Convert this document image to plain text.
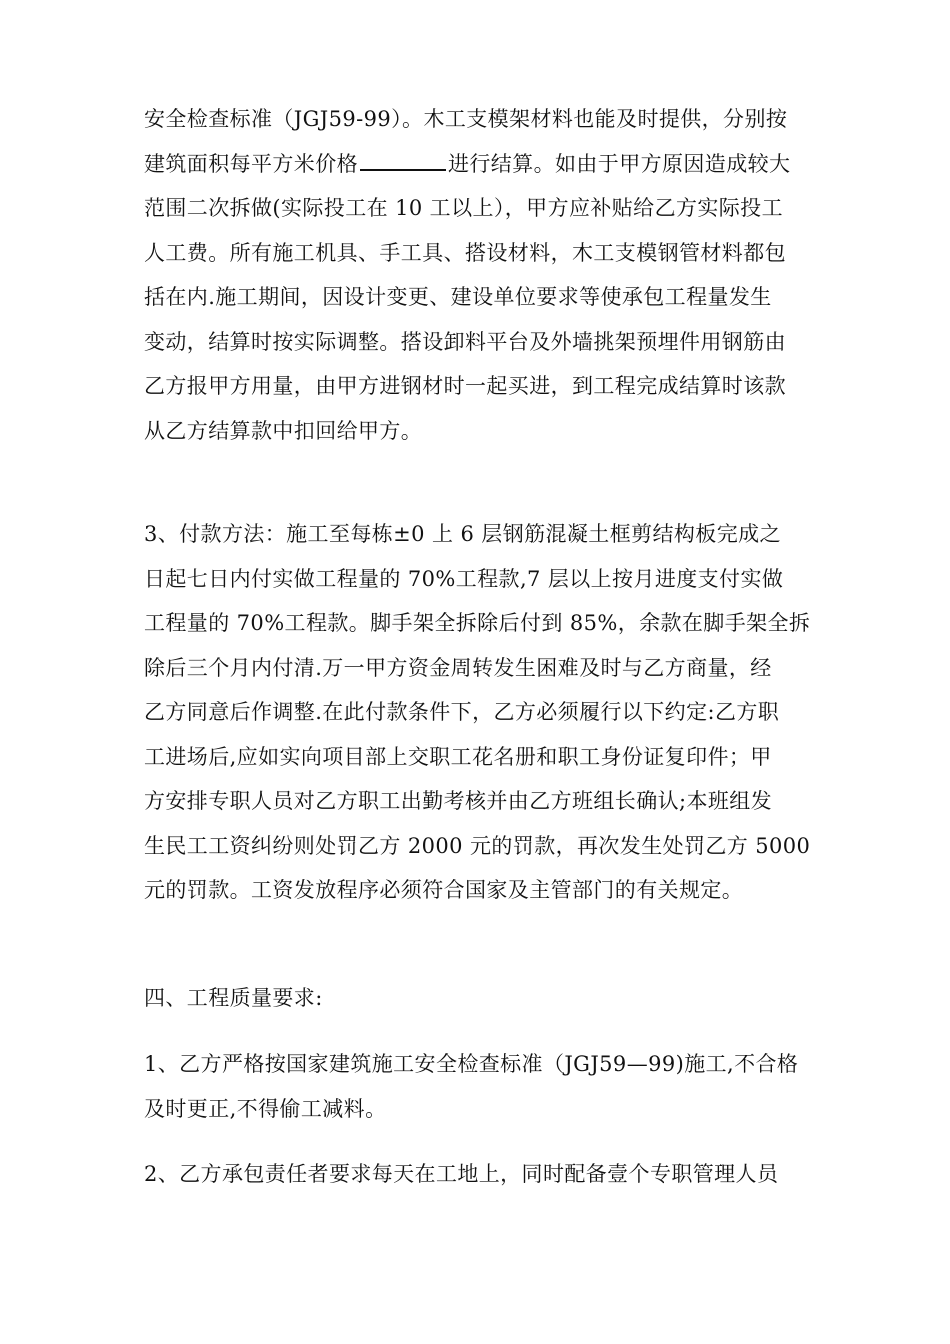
安全检查标准（JGJ59-99）。木工支模架材料也能及时提供，分别按
建筑面积每平方米价格	进行结算。如由于甲方原因造成较大
范围二次拆做(实际投工在 10 工以上），甲方应补贴给乙方实际投工
人工费。所有施工机具、手工具、搭设材料，木工支模钢管材料都包
括在内.施工期间，因设计变更、建设单位要求等使承包工程量发生
变动，结算时按实际调整。搭设卸料平台及外墙挑架预埋件用钢筋由
乙方报甲方用量，由甲方进钢材时一起买进，到工程完成结算时该款
从乙方结算款中扣回给甲方。

3、付款方法：施工至每栋±0 上 6 层钢筋混凝土框剪结构板完成之
日起七日内付实做工程量的 70%工程款,7 层以上按月进度支付实做
工程量的 70%工程款。脚手架全拆除后付到 85%，余款在脚手架全拆
除后三个月内付清.万一甲方资金周转发生困难及时与乙方商量，经
乙方同意后作调整.在此付款条件下，乙方必须履行以下约定:乙方职
工进场后,应如实向项目部上交职工花名册和职工身份证复印件；甲
方安排专职人员对乙方职工出勤考核并由乙方班组长确认;本班组发
生民工工资纠纷则处罚乙方 2000 元的罚款，再次发生处罚乙方 5000
元的罚款。工资发放程序必须符合国家及主管部门的有关规定。

四、工程质量要求:

1、乙方严格按国家建筑施工安全检查标准（JGJ59—99)施工,不合格
及时更正,不得偷工减料。

2、乙方承包责任者要求每天在工地上，同时配备壹个专职管理人员
